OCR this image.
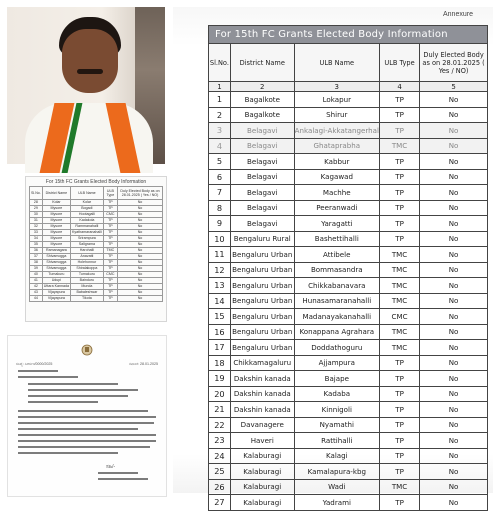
For 15th FC Grants Elected Body Information
Sl.No.	District Name	ULB Name	ULB Type	Duly Elected Body as on 28.01.2025 ( Yes / NO)
28	Kolar	Kolar	TP	No
29	Mysore	Bogadi	TP	No
30	Mysore	Hootagalli	CMC	No
31	Mysore	Kadakola	TP	No
32	Mysore	Rammanahalli	TP	No
33	Mysore	Kyathamaranahalli	TP	No
34	Mysore	Srirampura	TP	No
35	Mysore	Saligrama	TP	No
36	Ramanagara	Harohalli	TMC	No
37	Shivamogga	Anavatti	TP	No
38	Shivamogga	Holehonnur	TP	No
39	Shivamogga	Shiralakoppa	TP	No
40	Tumakuru	Tumakuru	CMC	No
41	Udupi	Bainduru	TP	No
42	Uttara Kannada	Munda	TP	No
43	Vijayapura	Babaleshwar	TP	No
44	Vijayapura	Tikota	TP	No
ಸಹಿ/-
ಸಂಖ್ಯೆ: ಸಿಆಸುಇ/0000/2025	ದಿನಾಂಕ: 28.01.2025
Annexure
For 15th FC Grants Elected Body Information				
Sl.No.	District Name	ULB Name	ULB Type	Duly Elected Body as on 28.01.2025 ( Yes / NO)
1	2	3	4	5
1	Bagalkote	Lokapur	TP	No
2	Bagalkote	Shirur	TP	No
3	Belagavi	Ankalagi-Akkatangerhal	TP	No
4	Belagavi	Ghataprabha	TMC	No
5	Belagavi	Kabbur	TP	No
6	Belagavi	Kagawad	TP	No
7	Belagavi	Machhe	TP	No
8	Belagavi	Peeranwadi	TP	No
9	Belagavi	Yaragatti	TP	No
10	Bengaluru Rural	Bashettihalli	TP	No
11	Bengaluru Urban	Attibele	TMC	No
12	Bengaluru Urban	Bommasandra	TMC	No
13	Bengaluru Urban	Chikkabanavara	TMC	No
14	Bengaluru Urban	Hunasamaranahalli	TMC	No
15	Bengaluru Urban	Madanayakanahalli	CMC	No
16	Bengaluru Urban	Konappana Agrahara	TMC	No
17	Bengaluru Urban	Doddathoguru	TMC	No
18	Chikkamagaluru	Ajjampura	TP	No
19	Dakshin kanada	Bajape	TP	No
20	Dakshin kanada	Kadaba	TP	No
21	Dakshin kanada	Kinnigoli	TP	No
22	Davanagere	Nyamathi	TP	No
23	Haveri	Rattihalli	TP	No
24	Kalaburagi	Kalagi	TP	No
25	Kalaburagi	Kamalapura-kbg	TP	No
26	Kalaburagi	Wadi	TMC	No
27	Kalaburagi	Yadrami	TP	No
